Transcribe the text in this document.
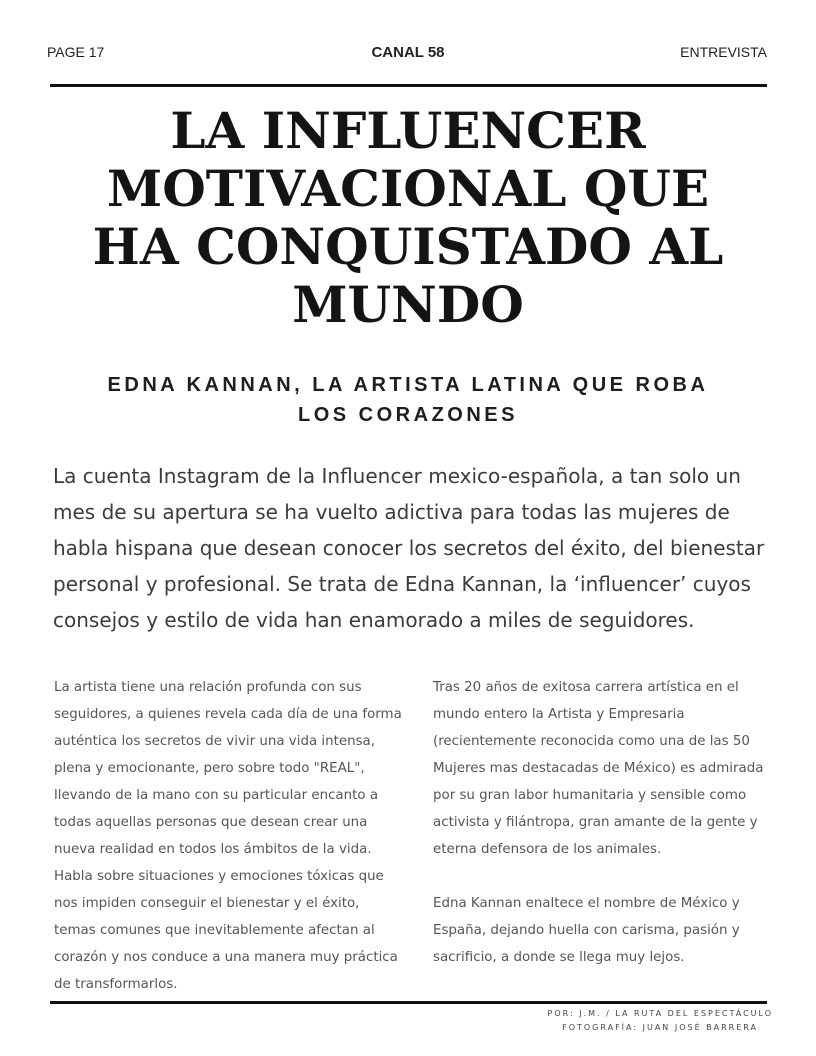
PAGE 17	CANAL 58	ENTREVISTA
LA INFLUENCER MOTIVACIONAL QUE HA CONQUISTADO AL MUNDO
EDNA KANNAN, LA ARTISTA LATINA QUE ROBA LOS CORAZONES

La cuenta Instagram de la Influencer mexico-española, a tan solo un mes de su apertura se ha vuelto adictiva para todas las mujeres de habla hispana que desean conocer los secretos del éxito, del bienestar personal y profesional. Se trata de Edna Kannan, la ‘influencer’ cuyos consejos y estilo de vida han enamorado a miles de seguidores.

La artista tiene una relación profunda con sus seguidores, a quienes revela cada día de una forma auténtica los secretos de vivir una vida intensa, plena y emocionante, pero sobre todo "REAL", llevando de la mano con su particular encanto a todas aquellas personas que desean crear una nueva realidad en todos los ámbitos de la vida. Habla sobre situaciones y emociones tóxicas que nos impiden conseguir el bienestar y el éxito, temas comunes que inevitablemente afectan al corazón y nos conduce a una manera muy práctica de transformarlos.

Tras 20 años de exitosa carrera artística en el mundo entero la Artista y Empresaria (recientemente reconocida como una de las 50 Mujeres mas destacadas de México) es admirada por su gran labor humanitaria y sensible como activista y filántropa, gran amante de la gente y eterna defensora de los animales.

Edna Kannan enaltece el nombre de México y España, dejando huella con carisma, pasión y sacrificio, a donde se llega muy lejos.

POR: J.M. / LA RUTA DEL ESPECTÁCULO
FOTOGRAFÍA: JUAN JOSÉ BARRERA
